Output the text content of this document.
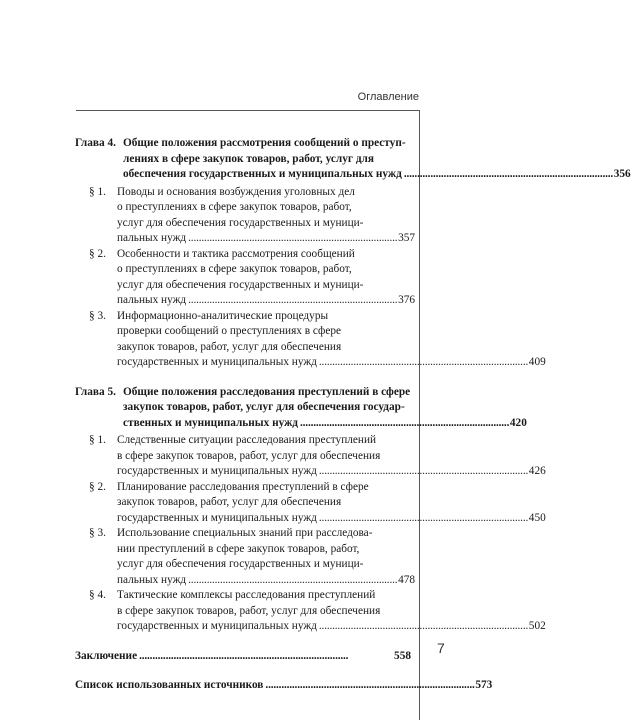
Оглавление
Глава 4. Общие положения рассмотрения сообщений о преступ-
лениях в сфере закупок товаров, работ, услуг для
обеспечения государственных и муниципальных нужд . . .	356
§ 1. Поводы и основания возбуждения уголовных дел
о преступлениях в сфере закупок товаров, работ,
услуг для обеспечения государственных и муници-
пальных нужд . . .	357
§ 2. Особенности и тактика рассмотрения сообщений
о преступлениях в сфере закупок товаров, работ,
услуг для обеспечения государственных и муници-
пальных нужд . . .	376
§ 3. Информационно-аналитические процедуры
проверки сообщений о преступлениях в сфере
закупок товаров, работ, услуг для обеспечения
государственных и муниципальных нужд . . .	409
Глава 5. Общие положения расследования преступлений в сфере
закупок товаров, работ, услуг для обеспечения государ-
ственных и муниципальных нужд . . .	420
§ 1. Следственные ситуации расследования преступлений
в сфере закупок товаров, работ, услуг для обеспечения
государственных и муниципальных нужд . . .	426
§ 2. Планирование расследования преступлений в сфере
закупок товаров, работ, услуг для обеспечения
государственных и муниципальных нужд . . .	450
§ 3. Использование специальных знаний при расследова-
нии преступлений в сфере закупок товаров, работ,
услуг для обеспечения государственных и муници-
пальных нужд . . .	478
§ 4. Тактические комплексы расследования преступлений
в сфере закупок товаров, работ, услуг для обеспечения
государственных и муниципальных нужд . . .	502
Заключение . . .	558
Список использованных источников . . .	573
7
